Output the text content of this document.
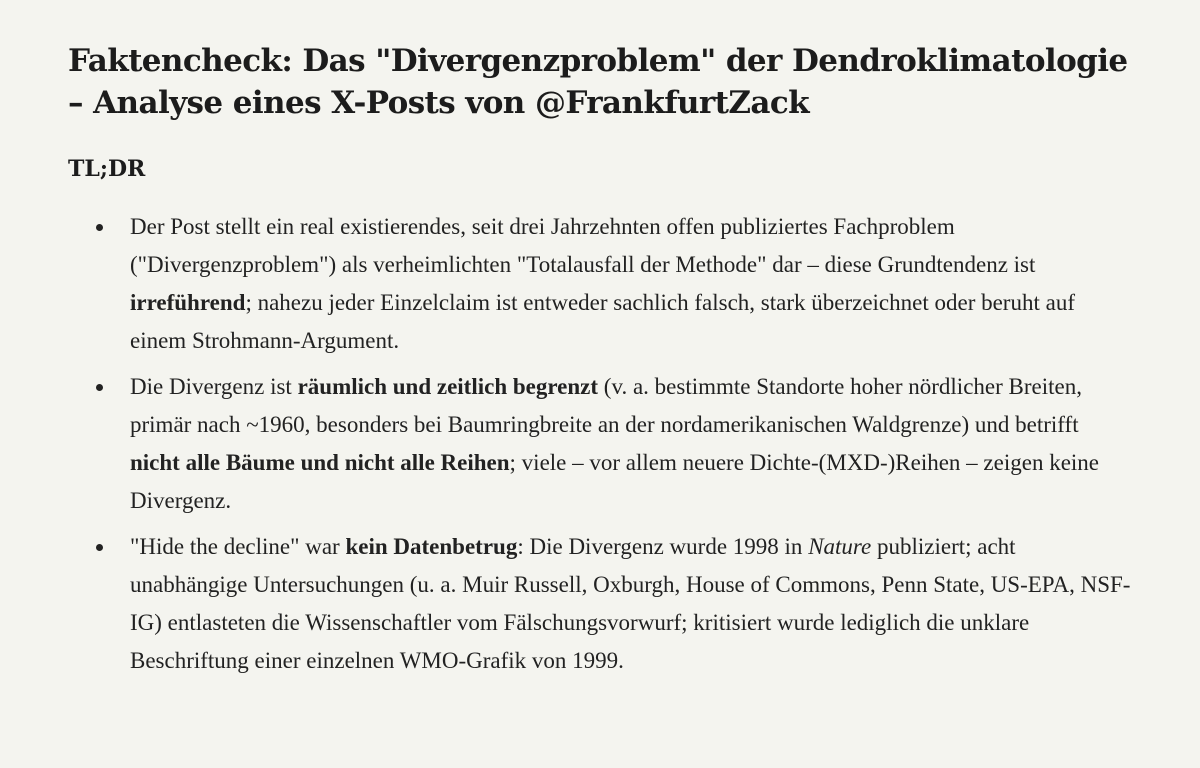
Faktencheck: Das "Divergenzproblem" der Dendroklimatologie – Analyse eines X-Posts von @FrankfurtZack
TL;DR
Der Post stellt ein real existierendes, seit drei Jahrzehnten offen publiziertes Fachproblem ("Divergenzproblem") als verheimlichten "Totalausfall der Methode" dar – diese Grundtendenz ist irreführend; nahezu jeder Einzelclaim ist entweder sachlich falsch, stark überzeichnet oder beruht auf einem Strohmann-Argument.
Die Divergenz ist räumlich und zeitlich begrenzt (v. a. bestimmte Standorte hoher nördlicher Breiten, primär nach ~1960, besonders bei Baumringbreite an der nordamerikanischen Waldgrenze) und betrifft nicht alle Bäume und nicht alle Reihen; viele – vor allem neuere Dichte-(MXD-)Reihen – zeigen keine Divergenz.
"Hide the decline" war kein Datenbetrug: Die Divergenz wurde 1998 in Nature publiziert; acht unabhängige Untersuchungen (u. a. Muir Russell, Oxburgh, House of Commons, Penn State, US-EPA, NSF-IG) entlasteten die Wissenschaftler vom Fälschungsvorwurf; kritisiert wurde lediglich die unklare Beschriftung einer einzelnen WMO-Grafik von 1999.
